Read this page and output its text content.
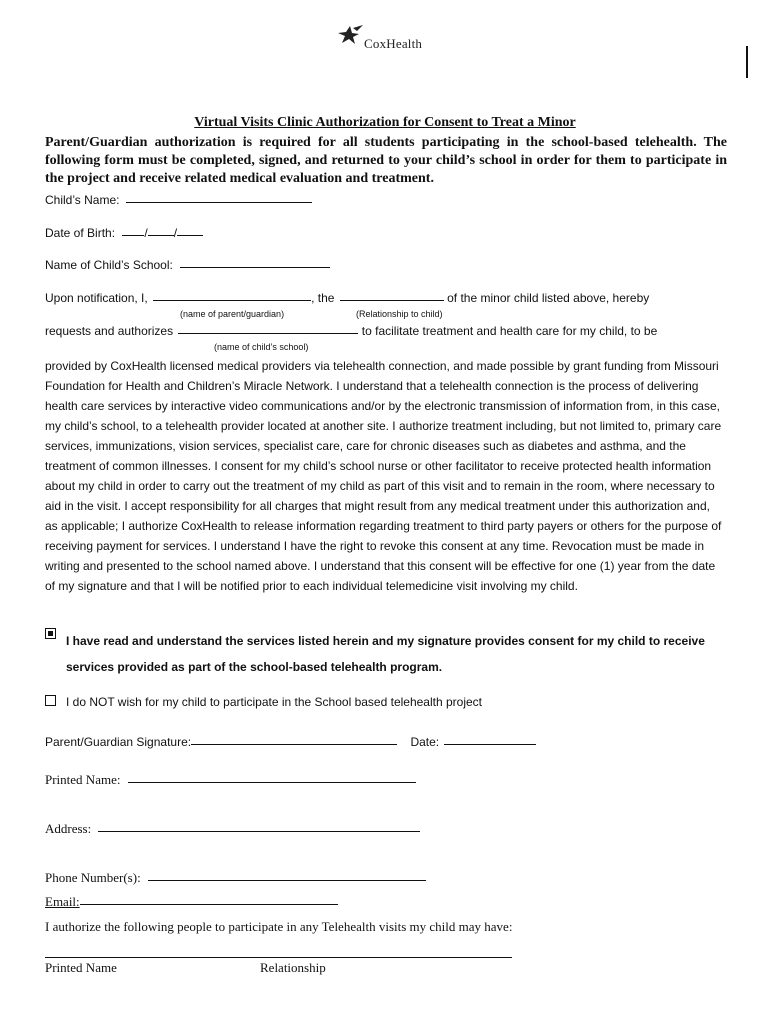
CoxHealth
Virtual Visits Clinic Authorization for Consent to Treat a Minor
Parent/Guardian authorization is required for all students participating in the school-based telehealth. The following form must be completed, signed, and returned to your child’s school in order for them to participate in the project and receive related medical evaluation and treatment.
Child’s Name:
Date of Birth: / /
Name of Child’s School:
Upon notification, I,	, the	of the minor child listed above, hereby
(name of parent/guardian)	(Relationship to child)
requests and authorizes	to facilitate treatment and health care for my child, to be
(name of child’s school)
provided by CoxHealth licensed medical providers via telehealth connection, and made possible by grant funding from Missouri Foundation for Health and Children’s Miracle Network. I understand that a telehealth connection is the process of delivering health care services by interactive video communications and/or by the electronic transmission of information from, in this case, my child’s school, to a telehealth provider located at another site. I authorize treatment including, but not limited to, primary care services, immunizations, vision services, specialist care, care for chronic diseases such as diabetes and asthma, and the treatment of common illnesses. I consent for my child’s school nurse or other facilitator to receive protected health information about my child in order to carry out the treatment of my child as part of this visit and to remain in the room, where necessary to aid in the visit. I accept responsibility for all charges that might result from any medical treatment under this authorization and, as applicable; I authorize CoxHealth to release information regarding treatment to third party payers or others for the purpose of receiving payment for services. I understand I have the right to revoke this consent at any time. Revocation must be made in writing and presented to the school named above. I understand that this consent will be effective for one (1) year from the date of my signature and that I will be notified prior to each individual telemedicine visit involving my child.
I have read and understand the services listed herein and my signature provides consent for my child to receive services provided as part of the school-based telehealth program.
I do NOT wish for my child to participate in the School based telehealth project
Parent/Guardian Signature:	Date:
Printed Name:
Address:
Phone Number(s):
Email:
I authorize the following people to participate in any Telehealth visits my child may have:
Printed Name	Relationship
